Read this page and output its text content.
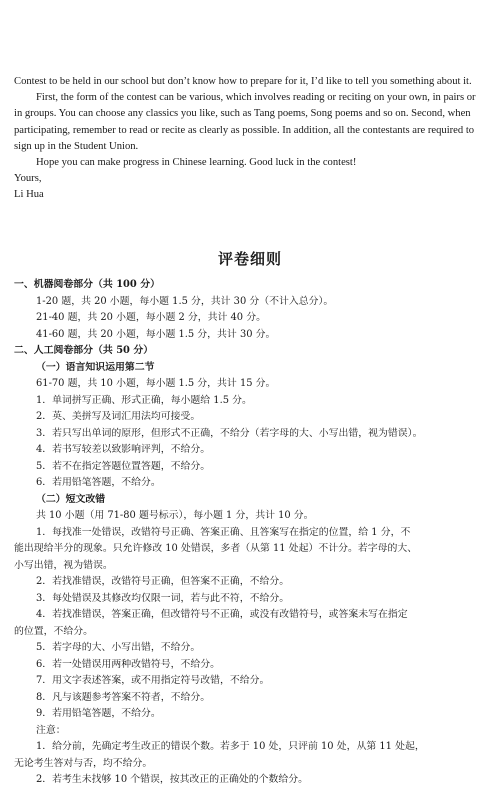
Contest to be held in our school but don’t know how to prepare for it, I’d like to tell you something about it.

First, the form of the contest can be various, which involves reading or reciting on your own, in pairs or in groups. You can choose any classics you like, such as Tang poems, Song poems and so on. Second, when participating, remember to read or recite as clearly as possible. In addition, all the contestants are required to sign up in the Student Union.

Hope you can make progress in Chinese learning. Good luck in the contest!

Yours,

Li Hua

评卷细则
一、机器阅卷部分（共 100 分）
1-20 题，共 20 小题，每小题 1.5 分，共计 30 分（不计入总分）。
21-40 题，共 20 小题，每小题 2 分，共计 40 分。
41-60 题，共 20 小题，每小题 1.5 分，共计 30 分。
二、人工阅卷部分（共 50 分）
（一）语言知识运用第二节
61-70 题，共 10 小题，每小题 1.5 分，共计 15 分。
1．单词拼写正确、形式正确，每小题给 1.5 分。
2．英、美拼写及词汇用法均可接受。
3．若只写出单词的原形，但形式不正确，不给分（若字母的大、小写出错，视为错误）。
4．若书写较差以致影响评判，不给分。
5．若不在指定答题位置答题，不给分。
6．若用铅笔答题，不给分。
（二）短文改错
共 10 小题（用 71-80 题号标示），每小题 1 分，共计 10 分。
1．每找准一处错误，改错符号正确、答案正确、且答案写在指定的位置，给 1 分，不
能出现给半分的现象。只允许修改 10 处错误，多者（从第 11 处起）不计分。若字母的大、
小写出错，视为错误。
2．若找准错误，改错符号正确，但答案不正确，不给分。
3．每处错误及其修改均仅限一词，若与此不符，不给分。
4．若找准错误，答案正确，但改错符号不正确，或没有改错符号，或答案未写在指定
的位置，不给分。
5．若字母的大、小写出错，不给分。
6．若一处错误用两种改错符号，不给分。
7．用文字表述答案，或不用指定符号改错，不给分。
8．凡与该题参考答案不符者，不给分。
9．若用铅笔答题，不给分。
注意：
1．给分前，先确定考生改正的错误个数。若多于 10 处，只评前 10 处，从第 11 处起，
无论考生答对与否，均不给分。
2．若考生未找够 10 个错误，按其改正的正确处的个数给分。
